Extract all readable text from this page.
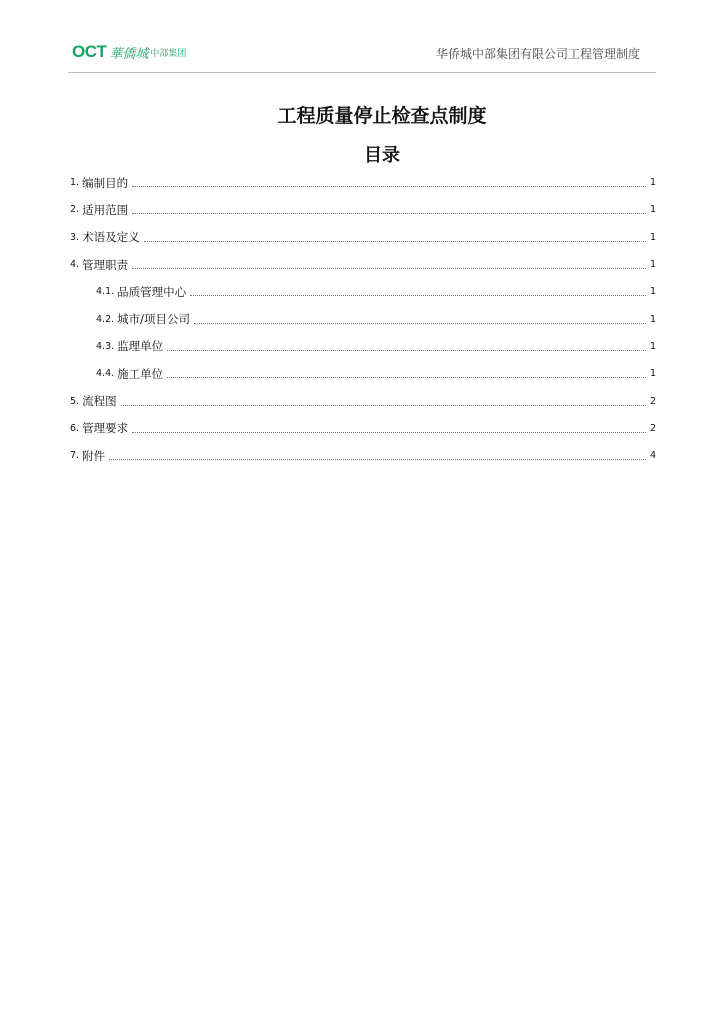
OCT 華僑城 中部集团	华侨城中部集团有限公司工程管理制度
工程质量停止检查点制度
目录
1. 编制目的	1
2. 适用范围	1
3. 术语及定义	1
4. 管理职责	1
4.1. 品质管理中心	1
4.2. 城市/项目公司	1
4.3. 监理单位	1
4.4. 施工单位	1
5. 流程图	2
6. 管理要求	2
7. 附件	4
